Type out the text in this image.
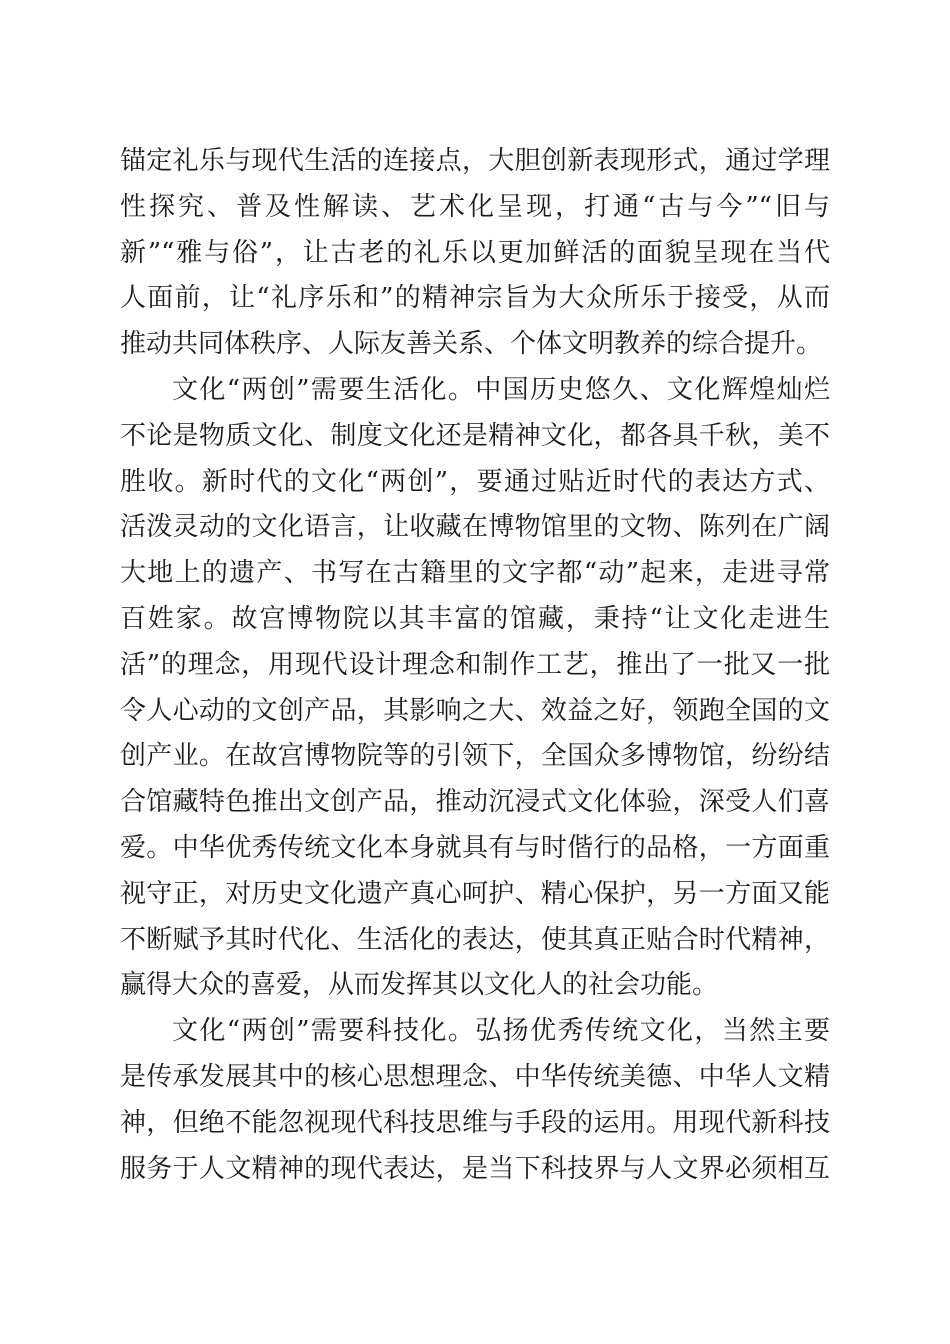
锚定礼乐与现代生活的连接点，大胆创新表现形式，通过学理
性探究、普及性解读、艺术化呈现，打通“古与今”“旧与
新”“雅与俗”，让古老的礼乐以更加鲜活的面貌呈现在当代
人面前，让“礼序乐和”的精神宗旨为大众所乐于接受，从而
推动共同体秩序、人际友善关系、个体文明教养的综合提升。
文化“两创”需要生活化。中国历史悠久、文化辉煌灿烂
不论是物质文化、制度文化还是精神文化，都各具千秋，美不
胜收。新时代的文化“两创”，要通过贴近时代的表达方式、
活泼灵动的文化语言，让收藏在博物馆里的文物、陈列在广阔
大地上的遗产、书写在古籍里的文字都“动”起来，走进寻常
百姓家。故宫博物院以其丰富的馆藏，秉持“让文化走进生
活”的理念，用现代设计理念和制作工艺，推出了一批又一批
令人心动的文创产品，其影响之大、效益之好，领跑全国的文
创产业。在故宫博物院等的引领下，全国众多博物馆，纷纷结
合馆藏特色推出文创产品，推动沉浸式文化体验，深受人们喜
爱。中华优秀传统文化本身就具有与时偕行的品格，一方面重
视守正，对历史文化遗产真心呵护、精心保护，另一方面又能
不断赋予其时代化、生活化的表达，使其真正贴合时代精神，
赢得大众的喜爱，从而发挥其以文化人的社会功能。
文化“两创”需要科技化。弘扬优秀传统文化，当然主要
是传承发展其中的核心思想理念、中华传统美德、中华人文精
神，但绝不能忽视现代科技思维与手段的运用。用现代新科技
服务于人文精神的现代表达，是当下科技界与人文界必须相互
